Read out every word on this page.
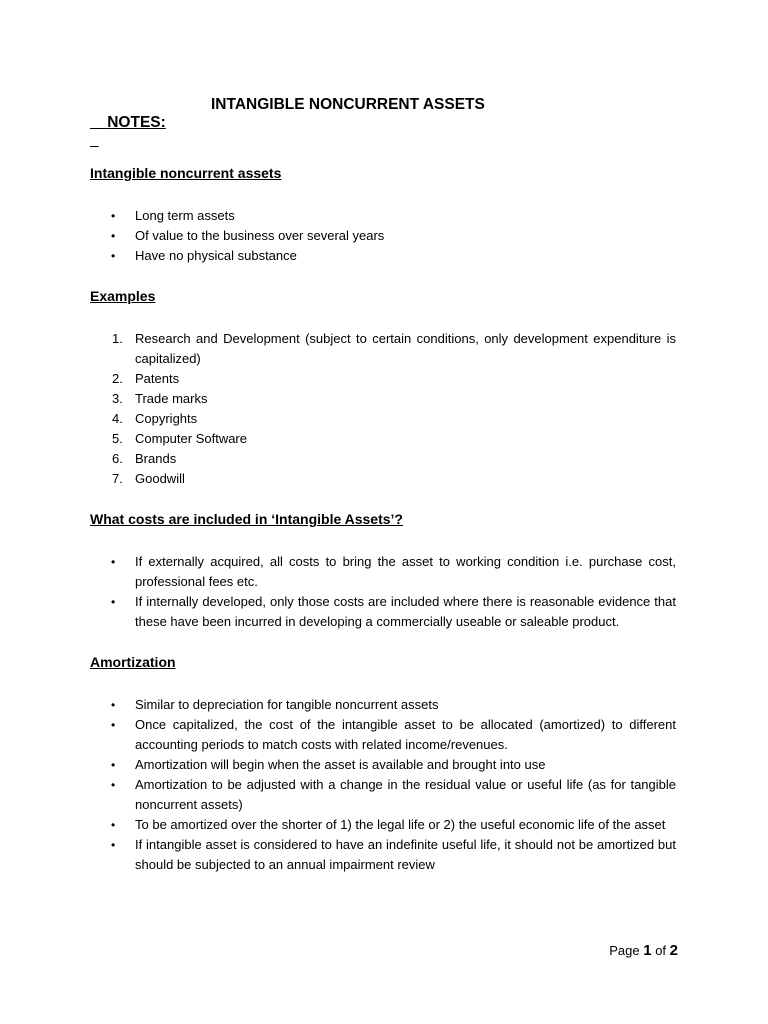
NOTES:
INTANGIBLE NONCURRENT ASSETS

Intangible noncurrent assets
• Long term assets
• Of value to the business over several years
• Have no physical substance
Examples
1. Research and Development (subject to certain conditions, only development expenditure is capitalized)
2. Patents
3. Trade marks
4. Copyrights
5. Computer Software
6. Brands
7. Goodwill
What costs are included in ‘Intangible Assets’?
• If externally acquired, all costs to bring the asset to working condition i.e. purchase cost, professional fees etc.
• If internally developed, only those costs are included where there is reasonable evidence that these have been incurred in developing a commercially useable or saleable product.
Amortization
• Similar to depreciation for tangible noncurrent assets
• Once capitalized, the cost of the intangible asset to be allocated (amortized) to different accounting periods to match costs with related income/revenues.
• Amortization will begin when the asset is available and brought into use
• Amortization to be adjusted with a change in the residual value or useful life (as for tangible noncurrent assets)
• To be amortized over the shorter of 1) the legal life or 2) the useful economic life of the asset
• If intangible asset is considered to have an indefinite useful life, it should not be amortized but should be subjected to an annual impairment review
Page 1 of 2
